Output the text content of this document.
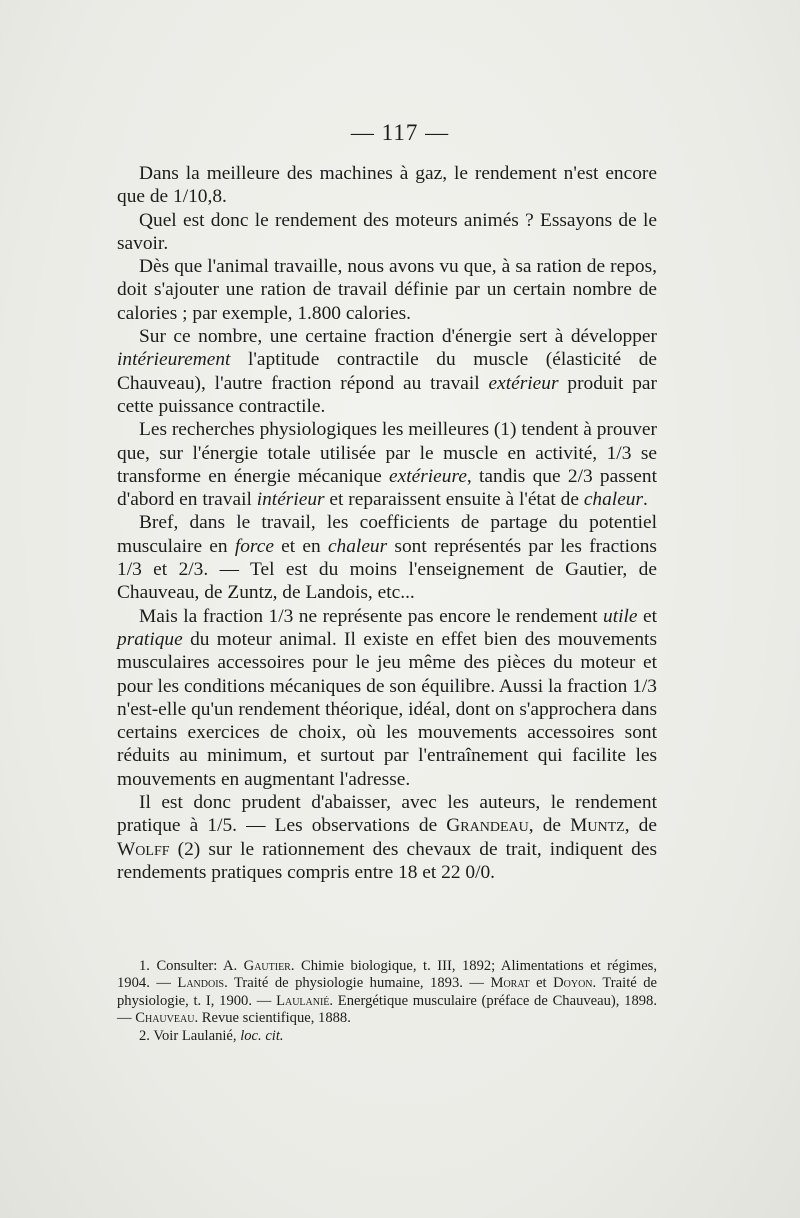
— 117 —

Dans la meilleure des machines à gaz, le rendement n'est encore que de 1/10,8.

Quel est donc le rendement des moteurs animés ? Essayons de le savoir.

Dès que l'animal travaille, nous avons vu que, à sa ration de repos, doit s'ajouter une ration de travail définie par un certain nombre de calories ; par exemple, 1.800 calories.

Sur ce nombre, une certaine fraction d'énergie sert à développer intérieurement l'aptitude contractile du muscle (élasticité de Chauveau), l'autre fraction répond au travail extérieur produit par cette puissance contractile.

Les recherches physiologiques les meilleures (1) tendent à prouver que, sur l'énergie totale utilisée par le muscle en activité, 1/3 se transforme en énergie mécanique extérieure, tandis que 2/3 passent d'abord en travail intérieur et reparaissent ensuite à l'état de chaleur.

Bref, dans le travail, les coefficients de partage du potentiel musculaire en force et en chaleur sont représentés par les fractions 1/3 et 2/3. — Tel est du moins l'enseignement de Gautier, de Chauveau, de Zuntz, de Landois, etc...

Mais la fraction 1/3 ne représente pas encore le rendement utile et pratique du moteur animal. Il existe en effet bien des mouvements musculaires accessoires pour le jeu même des pièces du moteur et pour les conditions mécaniques de son équilibre. Aussi la fraction 1/3 n'est-elle qu'un rendement théorique, idéal, dont on s'approchera dans certains exercices de choix, où les mouvements accessoires sont réduits au minimum, et surtout par l'entraînement qui facilite les mouvements en augmentant l'adresse.

Il est donc prudent d'abaisser, avec les auteurs, le rendement pratique à 1/5. — Les observations de Grandeau, de Muntz, de Wolff (2) sur le rationnement des chevaux de trait, indiquent des rendements pratiques compris entre 18 et 22 0/0.

1. Consulter: A. Gautier. Chimie biologique, t. III, 1892; Alimentations et régimes, 1904. — Landois. Traité de physiologie humaine, 1893. — Morat et Doyon. Traité de physiologie, t. I, 1900. — Laulanié. Energétique musculaire (préface de Chauveau), 1898. — Chauveau. Revue scientifique, 1888.

2. Voir Laulanié, loc. cit.
